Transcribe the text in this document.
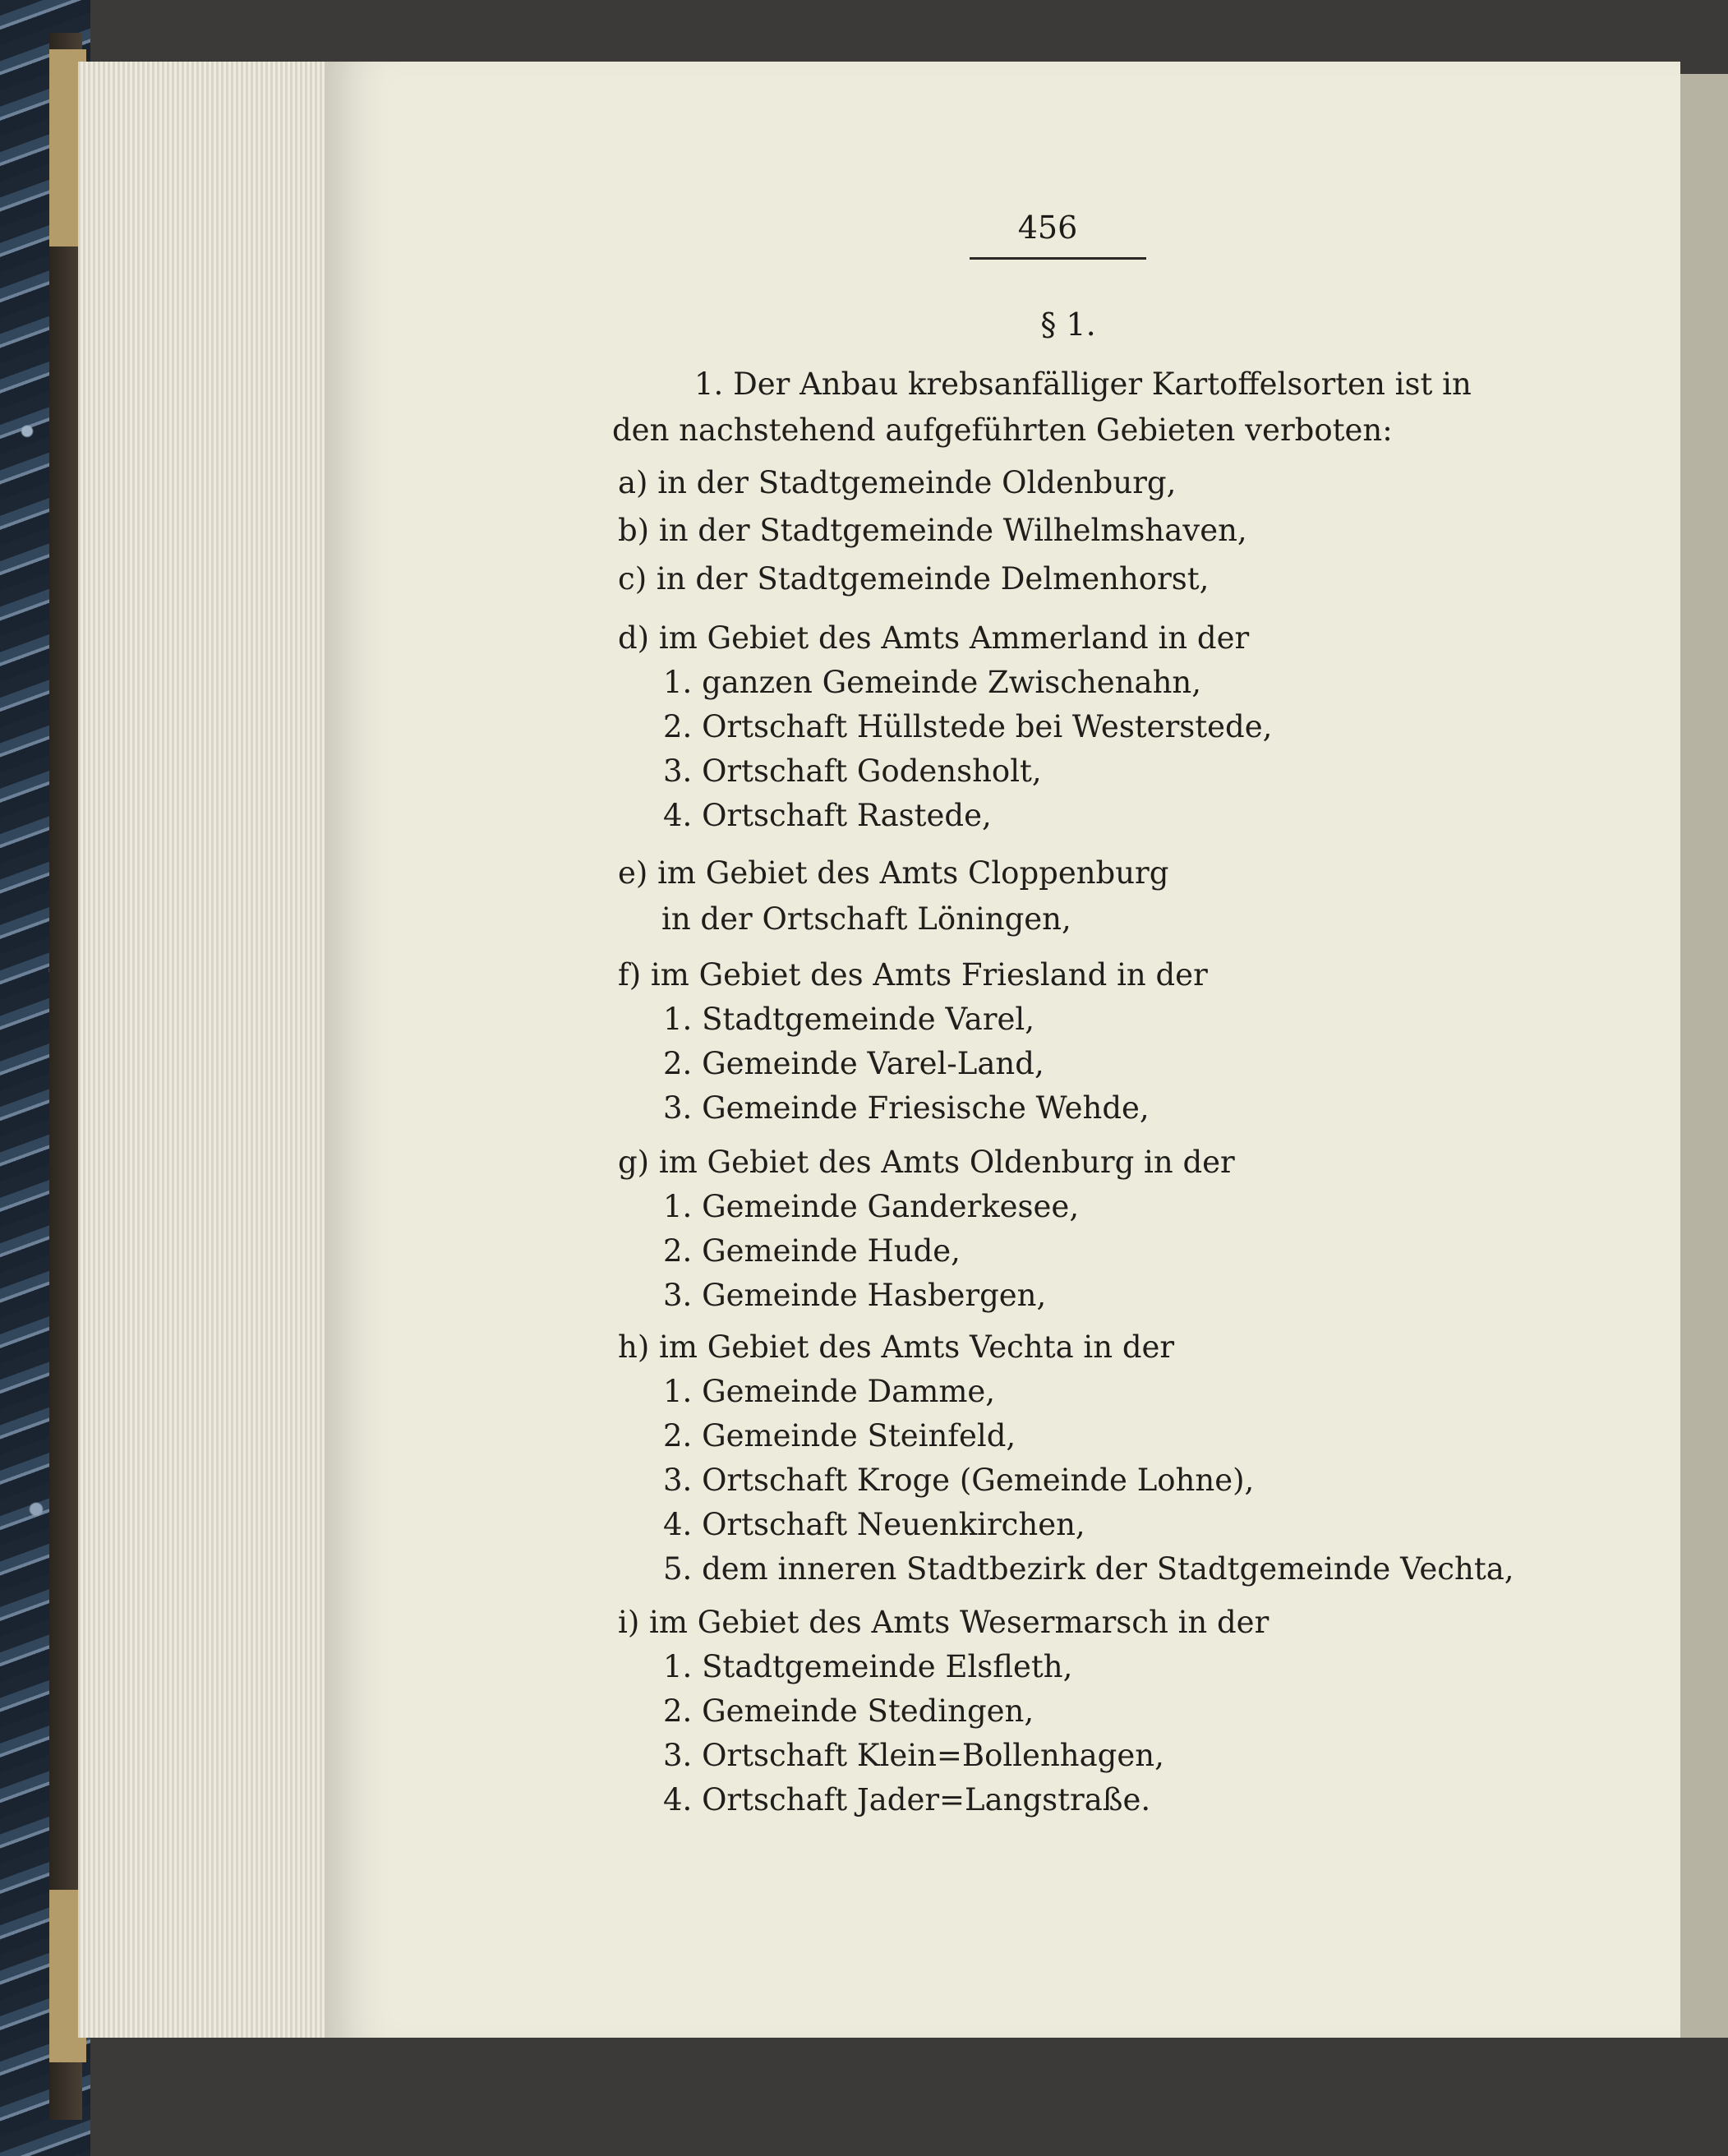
456
§ 1.
1. Der Anbau krebsanfälliger Kartoffelsorten ist in
den nachstehend aufgeführten Gebieten verboten:
a) in der Stadtgemeinde Oldenburg,
b) in der Stadtgemeinde Wilhelmshaven,
c) in der Stadtgemeinde Delmenhorst,
d) im Gebiet des Amts Ammerland in der
1. ganzen Gemeinde Zwischenahn,
2. Ortschaft Hüllstede bei Westerstede,
3. Ortschaft Godensholt,
4. Ortschaft Rastede,
e) im Gebiet des Amts Cloppenburg
in der Ortschaft Löningen,
f) im Gebiet des Amts Friesland in der
1. Stadtgemeinde Varel,
2. Gemeinde Varel-Land,
3. Gemeinde Friesische Wehde,
g) im Gebiet des Amts Oldenburg in der
1. Gemeinde Ganderkesee,
2. Gemeinde Hude,
3. Gemeinde Hasbergen,
h) im Gebiet des Amts Vechta in der
1. Gemeinde Damme,
2. Gemeinde Steinfeld,
3. Ortschaft Kroge (Gemeinde Lohne),
4. Ortschaft Neuenkirchen,
5. dem inneren Stadtbezirk der Stadtgemeinde Vechta,
i) im Gebiet des Amts Wesermarsch in der
1. Stadtgemeinde Elsfleth,
2. Gemeinde Stedingen,
3. Ortschaft Klein=Bollenhagen,
4. Ortschaft Jader=Langstraße.
